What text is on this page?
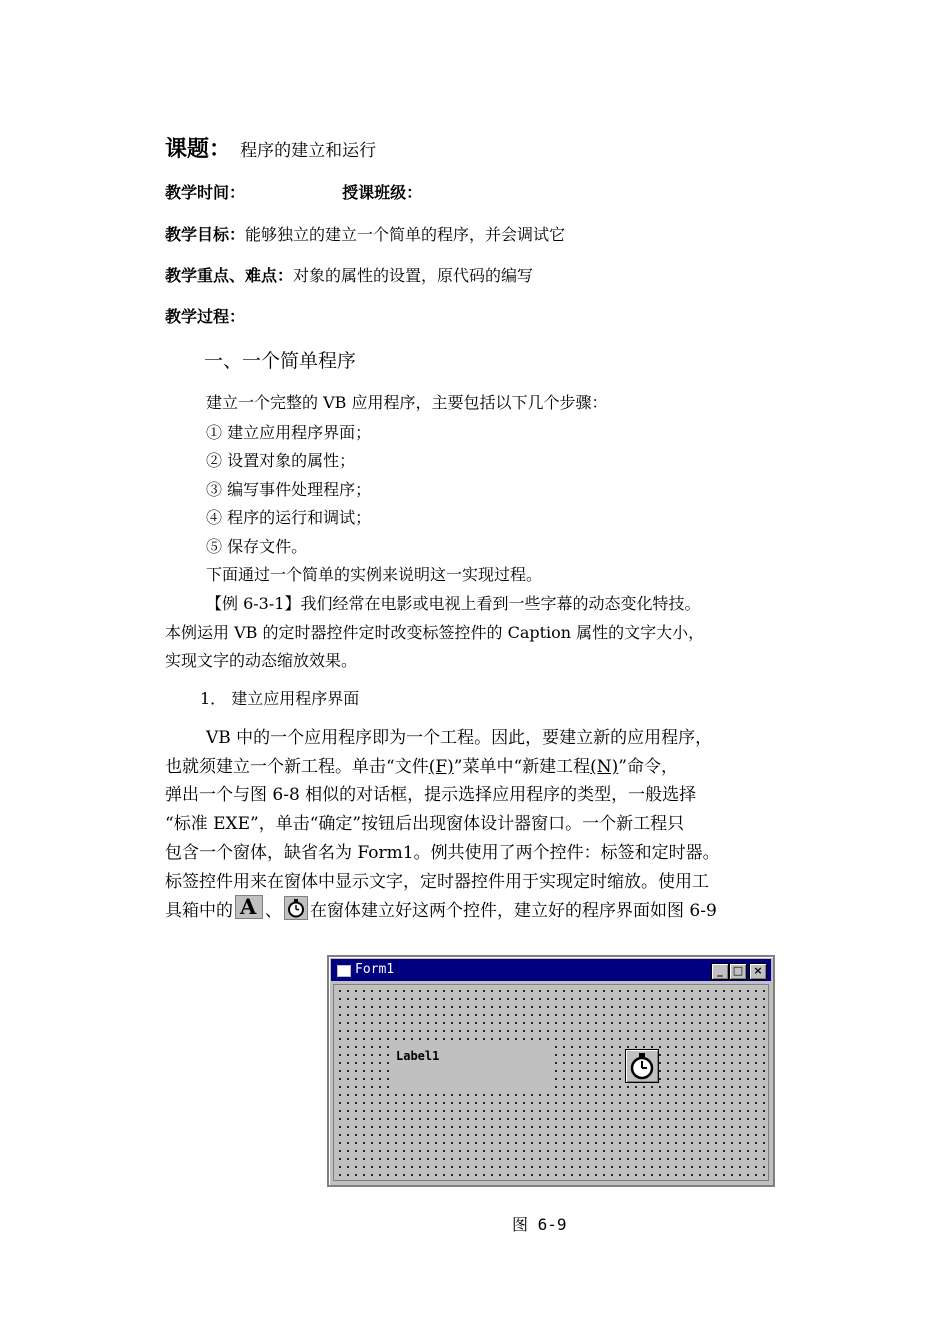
课题： 程序的建立和运行
教学时间：	授课班级：
教学目标：能够独立的建立一个简单的程序，并会调试它
教学重点、难点：对象的属性的设置，原代码的编写
教学过程：
一、一个简单程序
建立一个完整的 VB 应用程序，主要包括以下几个步骤：
① 建立应用程序界面；
② 设置对象的属性；
③ 编写事件处理程序；
④ 程序的运行和调试；
⑤ 保存文件。
下面通过一个简单的实例来说明这一实现过程。
【例 6-3-1】我们经常在电影或电视上看到一些字幕的动态变化特技。
本例运用 VB 的定时器控件定时改变标签控件的 Caption 属性的文字大小，
实现文字的动态缩放效果。
1． 建立应用程序界面
VB 中的一个应用程序即为一个工程。因此，要建立新的应用程序，
也就须建立一个新工程。单击“文件(F)”菜单中“新建工程(N)”命令，
弹出一个与图 6-8 相似的对话框，提示选择应用程序的类型，一般选择
“标准 EXE”，单击“确定”按钮后出现窗体设计器窗口。一个新工程只
包含一个窗体，缺省名为 Form1。例共使用了两个控件：标签和定时器。
标签控件用来在窗体中显示文字，定时器控件用于实现定时缩放。使用工
具箱中的 A 、 在窗体建立好这两个控件，建立好的程序界面如图 6-9
Form1	_ □ ×
Label1
图 6-9
